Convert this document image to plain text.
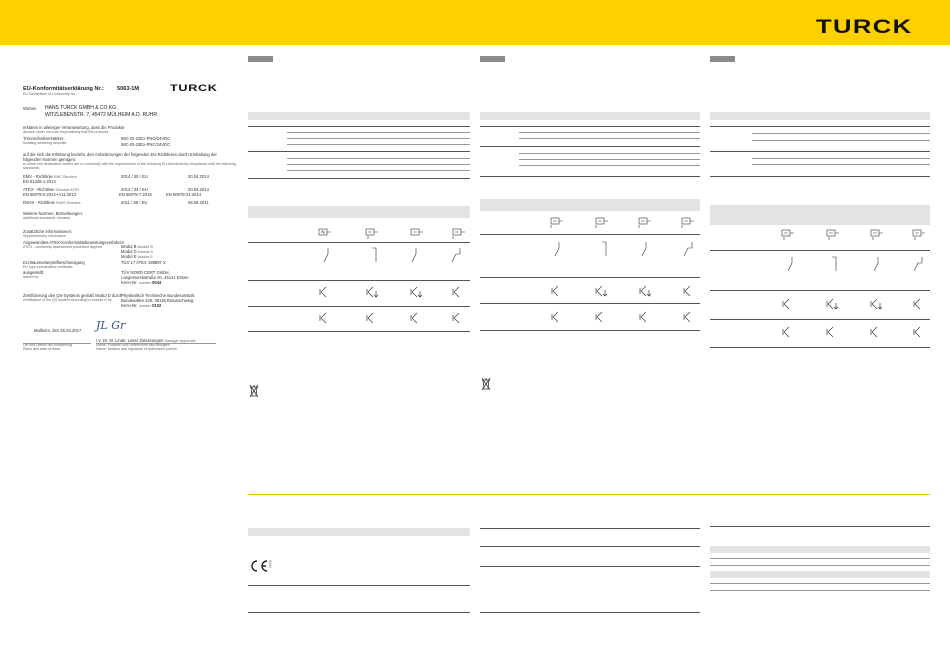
TURCK
EU-Konformitätserklärung Nr.: 5063-1M
EU Declaration of Conformity No.:
TURCK
Wir/we: HANS TURCK GMBH & CO KG
WITZLEBENSTR. 7, 45472 MÜLHEIM A.D. RUHR
erklären in alleiniger Verantwortung, dass die Produkte
declare under our sole responsibility that the products
Trennschaltverstärker:
Isolating switching amplifier
IMC-DI-22Ex-PNO/24VDC
IMC-DI-22Ex-PNC/24VDC
auf die sich die Erklärung bezieht, den Anforderungen der folgenden EU-Richtlinien durch Einhaltung der
folgenden Normen genügen:
to which this declaration relates are in conformity with the requirements of the following EU-directives by compliance with the following
standards:
EMV - Richtlinie EMC Directive	2014 / 30 / EU	20.04.2014
EN 61326-1:2013
ATEX - Richtlinie Directive ATEX	2014 / 34 / EU	20.04.2014
EN 60079-0:2012+A11:2013	EN 60079-7:2015	EN 60079-31:2014
RoHS - Richtlinie RoHS Directive	2011 / 65 / EU	08.06.2011
Weitere Normen, Bemerkungen:
additional standards, remarks
Zusätzliche Informationen:
Supplementary information
Angewandtes ATEX-Konformitätsbewertungsverfahren
ATEX - conformity assessment procedure applied	Modul B Module B
Modul D Module D
Modul E Module E
EU-Baumusterprüfbescheinigung
EU type examination certificate
TÜV 17 ATEX 198897 X
ausgestellt:
issued by
TÜV NORD CERT GmbH,
Langemarckstraße 20, 45141 Essen
Kenn-Nr. number 0044
Zertifizierung des QS-Systems gemäß Modul D durch
certification of the QS-system according to module D by
Physikalisch Technische Bundesanstalt,
Bundesallee 100, 38116 Braunschweig
Kenn-Nr. number 0102
JL Gr
Mülheim, den 25.04.2017
i.V. Dr. M. Linde, Leiter Zulassungen Manager Approvals
Ort und Datum der Ausstellung
Place and date of issue
Name, Funktion und Unterschrift des Befugten
Name, function and signature of authorized person
0102
